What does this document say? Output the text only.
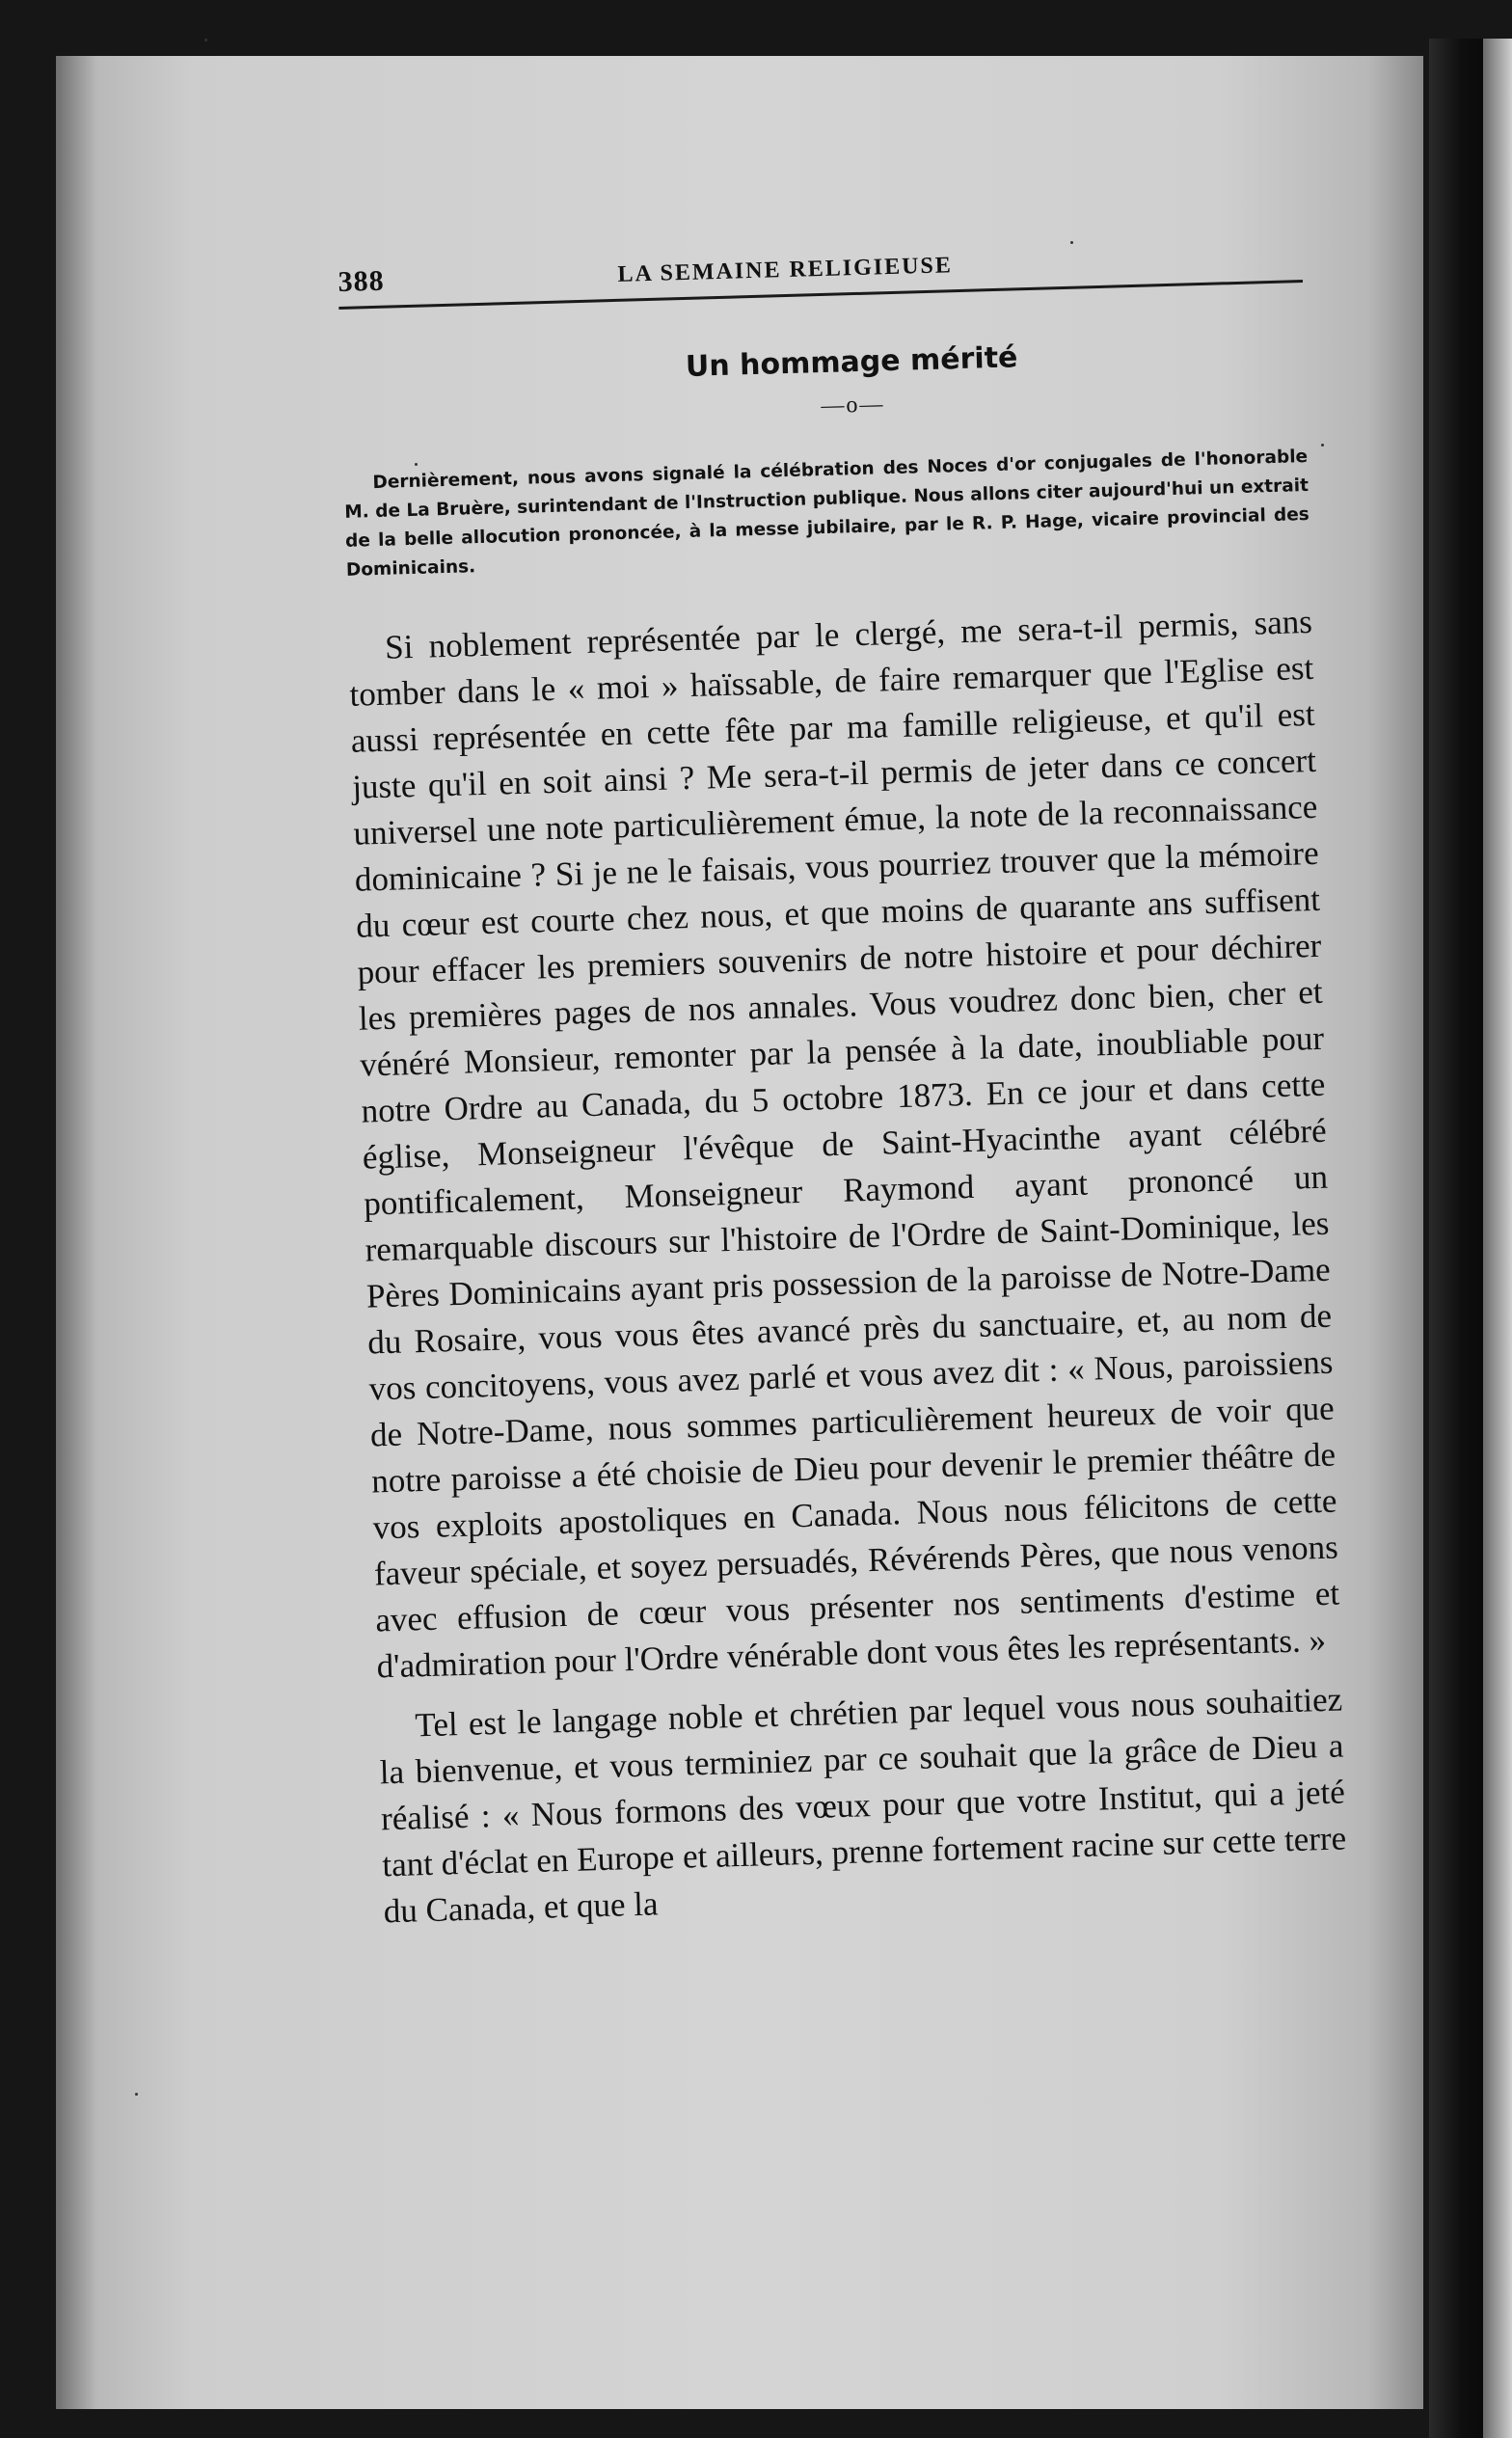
388	LA SEMAINE RELIGIEUSE
Un hommage mérité
—o—
Dernièrement, nous avons signalé la célébration des Noces d'or conjugales de l'honorable M. de La Bruère, surintendant de l'Instruction publique. Nous allons citer aujourd'hui un extrait de la belle allocution prononcée, à la messe jubilaire, par le R. P. Hage, vicaire provincial des Dominicains.

Si noblement représentée par le clergé, me sera-t-il permis, sans tomber dans le « moi » haïssable, de faire remarquer que l'Eglise est aussi représentée en cette fête par ma famille religieuse, et qu'il est juste qu'il en soit ainsi ? Me sera-t-il permis de jeter dans ce concert universel une note particulièrement émue, la note de la reconnaissance dominicaine ? Si je ne le faisais, vous pourriez trouver que la mémoire du cœur est courte chez nous, et que moins de quarante ans suffisent pour effacer les premiers souvenirs de notre histoire et pour déchirer les premières pages de nos annales. Vous voudrez donc bien, cher et vénéré Monsieur, remonter par la pensée à la date, inoubliable pour notre Ordre au Canada, du 5 octobre 1873. En ce jour et dans cette église, Monseigneur l'évêque de Saint-Hyacinthe ayant célébré pontificalement, Monseigneur Raymond ayant prononcé un remarquable discours sur l'histoire de l'Ordre de Saint-Dominique, les Pères Dominicains ayant pris possession de la paroisse de Notre-Dame du Rosaire, vous vous êtes avancé près du sanctuaire, et, au nom de vos concitoyens, vous avez parlé et vous avez dit : « Nous, paroissiens de Notre-Dame, nous sommes particulièrement heureux de voir que notre paroisse a été choisie de Dieu pour devenir le premier théâtre de vos exploits apostoliques en Canada. Nous nous félicitons de cette faveur spéciale, et soyez persuadés, Révérends Pères, que nous venons avec effusion de cœur vous présenter nos sentiments d'estime et d'admiration pour l'Ordre vénérable dont vous êtes les représentants. »

Tel est le langage noble et chrétien par lequel vous nous souhaitiez la bienvenue, et vous terminiez par ce souhait que la grâce de Dieu a réalisé : « Nous formons des vœux pour que votre Institut, qui a jeté tant d'éclat en Europe et ailleurs, prenne fortement racine sur cette terre du Canada, et que la
